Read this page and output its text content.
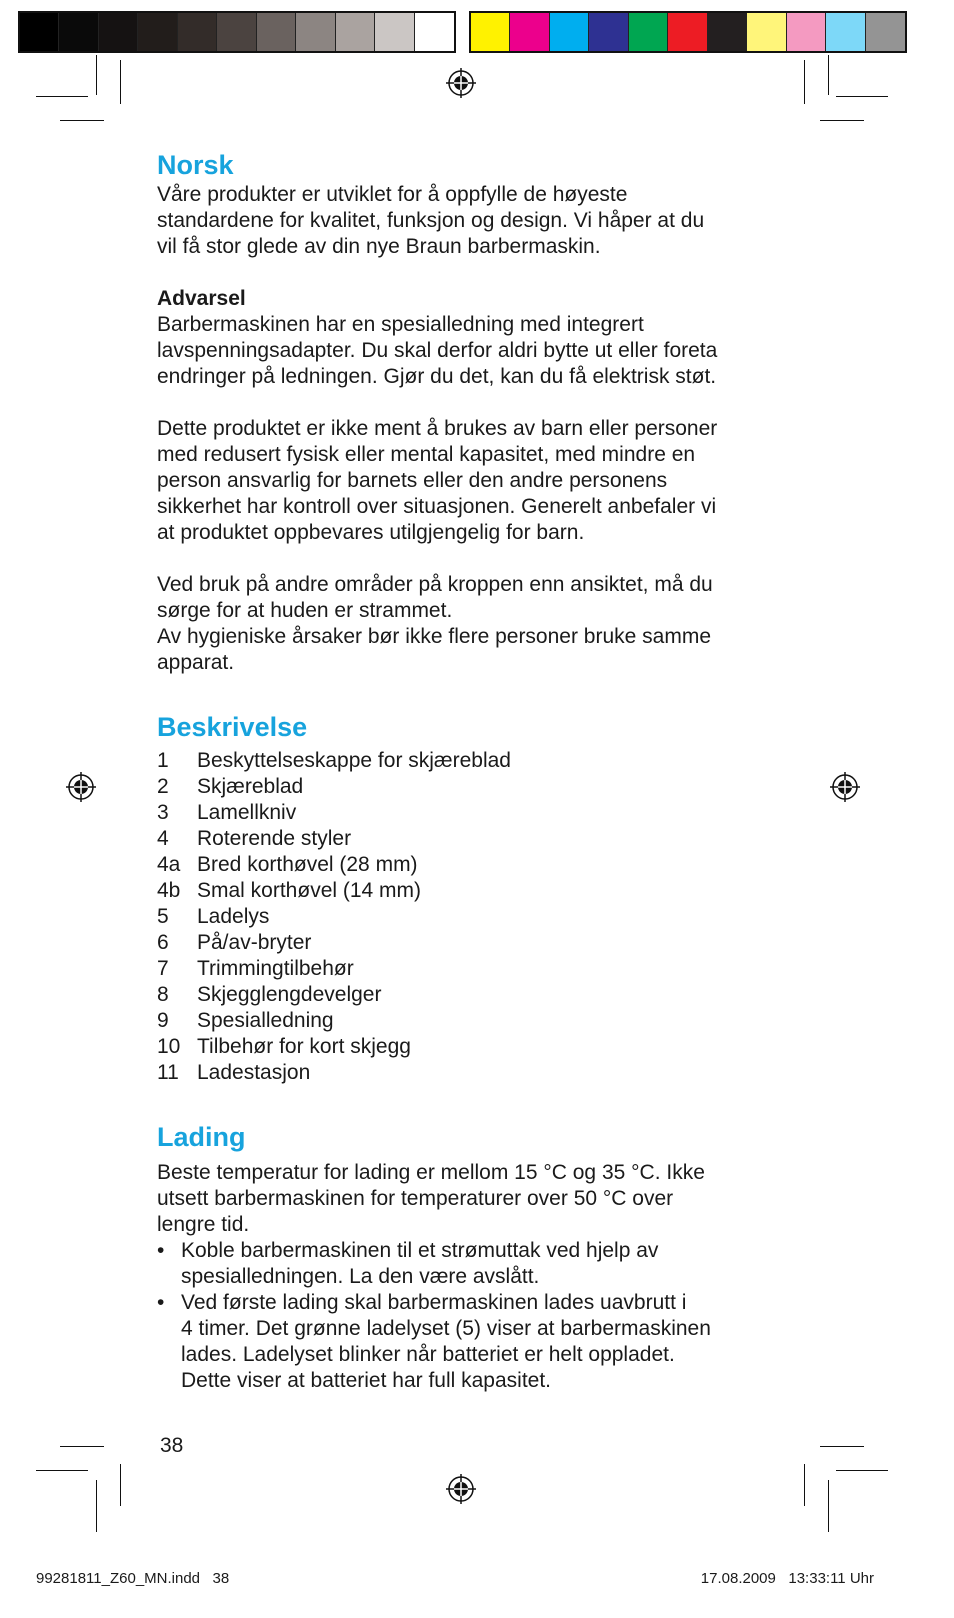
Norsk

Våre produkter er utviklet for å oppfylle de høyeste

standardene for kvalitet, funksjon og design. Vi håper at du

vil få stor glede av din nye Braun barbermaskin.

Advarsel

Barbermaskinen har en spesialledning med integrert

lavspenningsadapter. Du skal derfor aldri bytte ut eller foreta

endringer på ledningen. Gjør du det, kan du få elektrisk støt.

Dette produktet er ikke ment å brukes av barn eller personer

med redusert fysisk eller mental kapasitet, med mindre en

person ansvarlig for barnets eller den andre personens

sikkerhet har kontroll over situasjonen. Generelt anbefaler vi

at produktet oppbevares utilgjengelig for barn.

Ved bruk på andre områder på kroppen enn ansiktet, må du

sørge for at huden er strammet.

Av hygieniske årsaker bør ikke flere personer bruke samme

apparat.

Beskrivelse
1	Beskyttelseskappe for skjæreblad
2	Skjæreblad
3	Lamellkniv
4	Roterende styler
4a Bred korthøvel (28 mm)
4b Smal korthøvel (14 mm)
5	Ladelys
6	På/av-bryter
7	Trimmingtilbehør
8	Skjegglengdevelger
9	Spesialledning
10 Tilbehør for kort skjegg
11 Ladestasjon
Lading

Beste temperatur for lading er mellom 15 °C og 35 °C. Ikke

utsett barbermaskinen for temperaturer over 50 °C over

lengre tid.

• Koble barbermaskinen til et strømuttak ved hjelp av

spesialledningen. La den være avslått.

• Ved første lading skal barbermaskinen lades uavbrutt i

4 timer. Det grønne ladelyset (5) viser at barbermaskinen

lades. Ladelyset blinker når batteriet er helt oppladet.

Dette viser at batteriet har full kapasitet.

38
99281811_Z60_MN.indd   38	17.08.2009   13:33:11 Uhr
